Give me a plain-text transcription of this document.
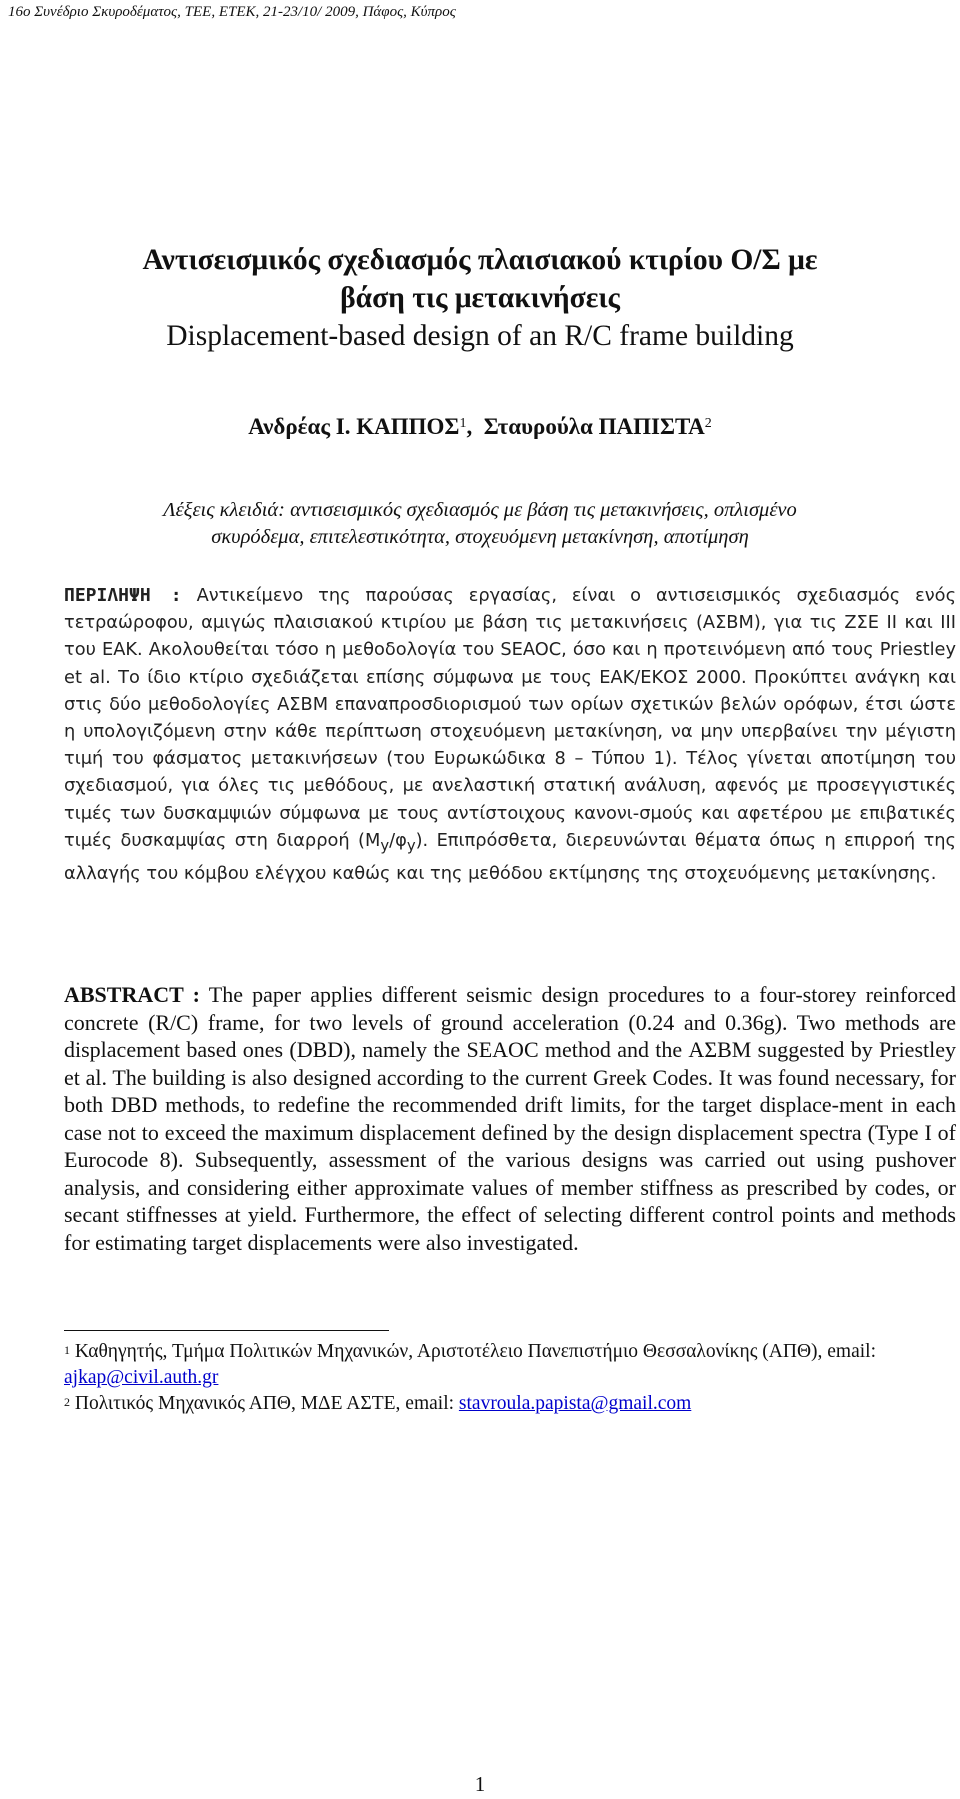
16ο Συνέδριο Σκυροδέματος, ΤΕΕ, ΕΤΕΚ, 21-23/10/ 2009, Πάφος, Κύπρος

Αντισεισμικός σχεδιασμός πλαισιακού κτιρίου Ο/Σ με

βάση τις μετακινήσεις

Displacement-based design of an R/C frame building

Ανδρέας Ι. ΚΑΠΠΟΣ$^1$, Σταυρούλα ΠΑΠΙΣΤΑ$^2$
Λέξεις κλειδιά: αντισεισμικός σχεδιασμός με βάση τις μετακινήσεις, οπλισμένο
σκυρόδεμα, επιτελεστικότητα, στοχευόμενη μετακίνηση, αποτίμηση

ΠΕΡΙΛΗΨΗ : Αντικείμενο της παρούσας εργασίας, είναι ο αντισεισμικός σχεδιασμός ενός τετραώροφου, αμιγώς πλαισιακού κτιρίου με βάση τις μετακινήσεις (ΑΣΒΜ), για τις ΖΣΕ ΙΙ και ΙΙΙ του ΕΑΚ. Ακολουθείται τόσο η μεθοδολογία του SEAOC, όσο και η προτεινόμενη από τους Priestley et al. Το ίδιο κτίριο σχεδιάζεται επίσης σύμφωνα με τους ΕΑΚ/ΕΚΟΣ 2000. Προκύπτει ανάγκη και στις δύο μεθοδολογίες ΑΣΒΜ επαναπροσδιορισμού των ορίων σχετικών βελών ορόφων, έτσι ώστε η υπολογιζόμενη στην κάθε περίπτωση στοχευόμενη μετακίνηση, να μην υπερβαίνει την μέγιστη τιμή του φάσματος μετακινήσεων (του Ευρωκώδικα 8 – Τύπου 1). Τέλος γίνεται αποτίμηση του σχεδιασμού, για όλες τις μεθόδους, με ανελαστική στατική ανάλυση, αφενός με προσεγγιστικές τιμές των δυσκαμψιών σύμφωνα με τους αντίστοιχους κανονι-σμούς και αφετέρου με επιβατικές τιμές δυσκαμψίας στη διαρροή $(M_y/\varphi_y)$. Επιπρόσθετα, διερευνώνται θέματα όπως η επιρροή της αλλαγής του κόμβου ελέγχου καθώς και της μεθόδου εκτίμησης της στοχευόμενης μετακίνησης.

ABSTRACT : The paper applies different seismic design procedures to a four-storey reinforced concrete (R/C) frame, for two levels of ground acceleration (0.24 and 0.36g). Two methods are displacement based ones (DBD), namely the SEAOC method and the ΑΣΒΜ suggested by Priestley et al. The building is also designed according to the current Greek Codes. It was found necessary, for both DBD methods, to redefine the recommended drift limits, for the target displace-ment in each case not to exceed the maximum displacement defined by the design displacement spectra (Type I of Eurocode 8). Subsequently, assessment of the various designs was carried out using pushover analysis, and considering either approximate values of member stiffness as prescribed by codes, or secant stiffnesses at yield. Furthermore, the effect of selecting different control points and methods for estimating target displacements were also investigated.

$^1$ Καθηγητής, Τμήμα Πολιτικών Μηχανικών, Αριστοτέλειο Πανεπιστήμιο Θεσσαλονίκης (ΑΠΘ), email: ajkap@civil.auth.gr

$^2$ Πολιτικός Μηχανικός ΑΠΘ, ΜΔΕ ΑΣΤΕ, email: stavroula.papista@gmail.com

1
